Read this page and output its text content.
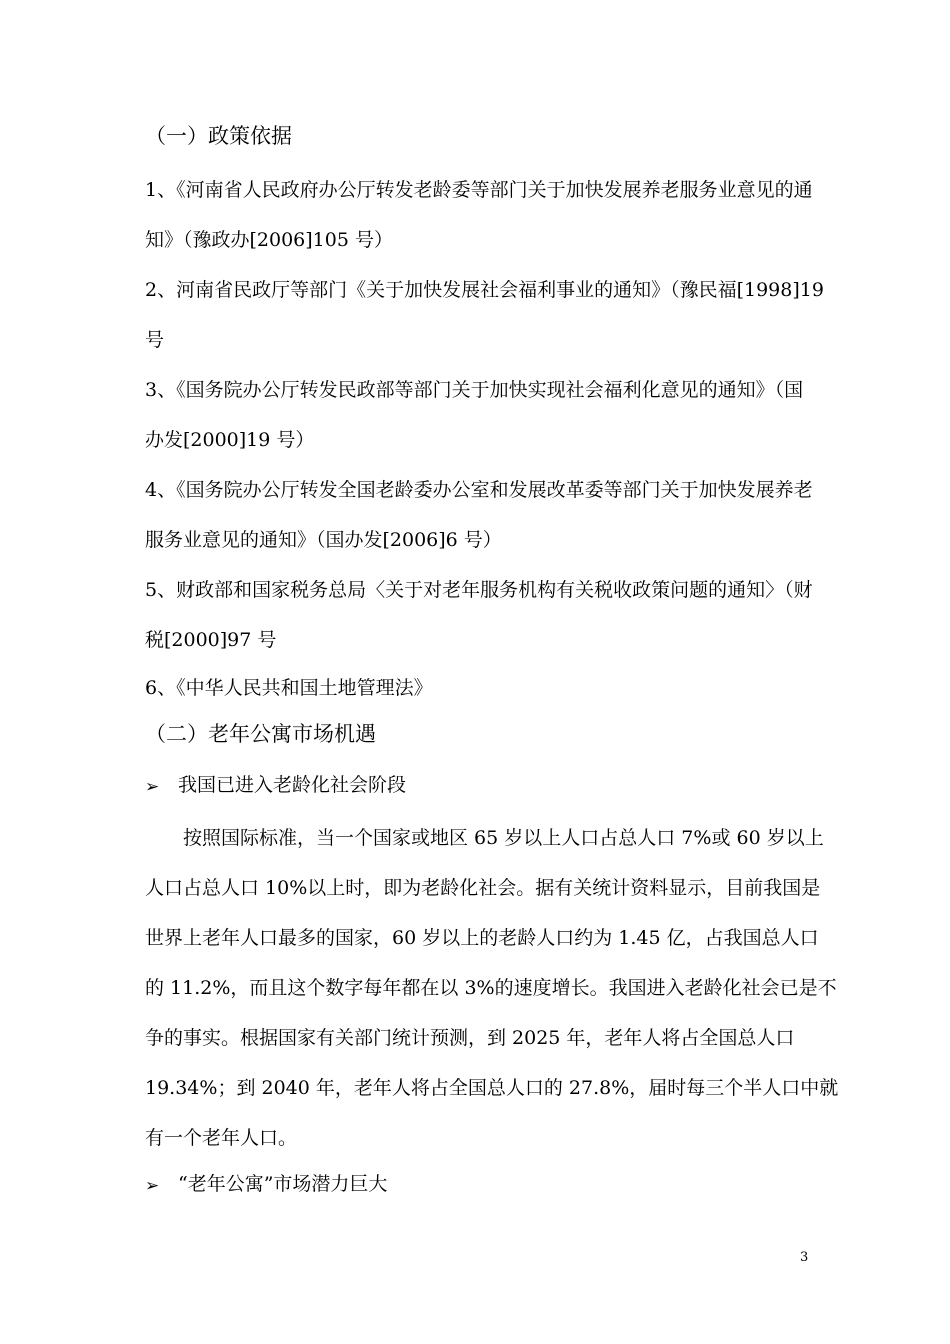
（一）政策依据
1、《河南省人民政府办公厅转发老龄委等部门关于加快发展养老服务业意见的通
知》（豫政办[2006]105 号）
2、河南省民政厅等部门《关于加快发展社会福利事业的通知》（豫民福[1998]19
号
3、《国务院办公厅转发民政部等部门关于加快实现社会福利化意见的通知》（国
办发[2000]19 号）
4、《国务院办公厅转发全国老龄委办公室和发展改革委等部门关于加快发展养老
服务业意见的通知》（国办发[2006]6 号）
5、财政部和国家税务总局〈关于对老年服务机构有关税收政策问题的通知〉（财
税[2000]97 号
6、《中华人民共和国土地管理法》
（二）老年公寓市场机遇
➢ 我国已进入老龄化社会阶段
按照国际标准，当一个国家或地区 65 岁以上人口占总人口 7%或 60 岁以上
人口占总人口 10%以上时，即为老龄化社会。据有关统计资料显示，目前我国是
世界上老年人口最多的国家，60 岁以上的老龄人口约为 1.45 亿，占我国总人口
的 11.2%，而且这个数字每年都在以 3%的速度增长。我国进入老龄化社会已是不
争的事实。根据国家有关部门统计预测，到 2025 年，老年人将占全国总人口
19.34%；到 2040 年，老年人将占全国总人口的 27.8%，届时每三个半人口中就
有一个老年人口。
➢ “老年公寓”市场潜力巨大
3
